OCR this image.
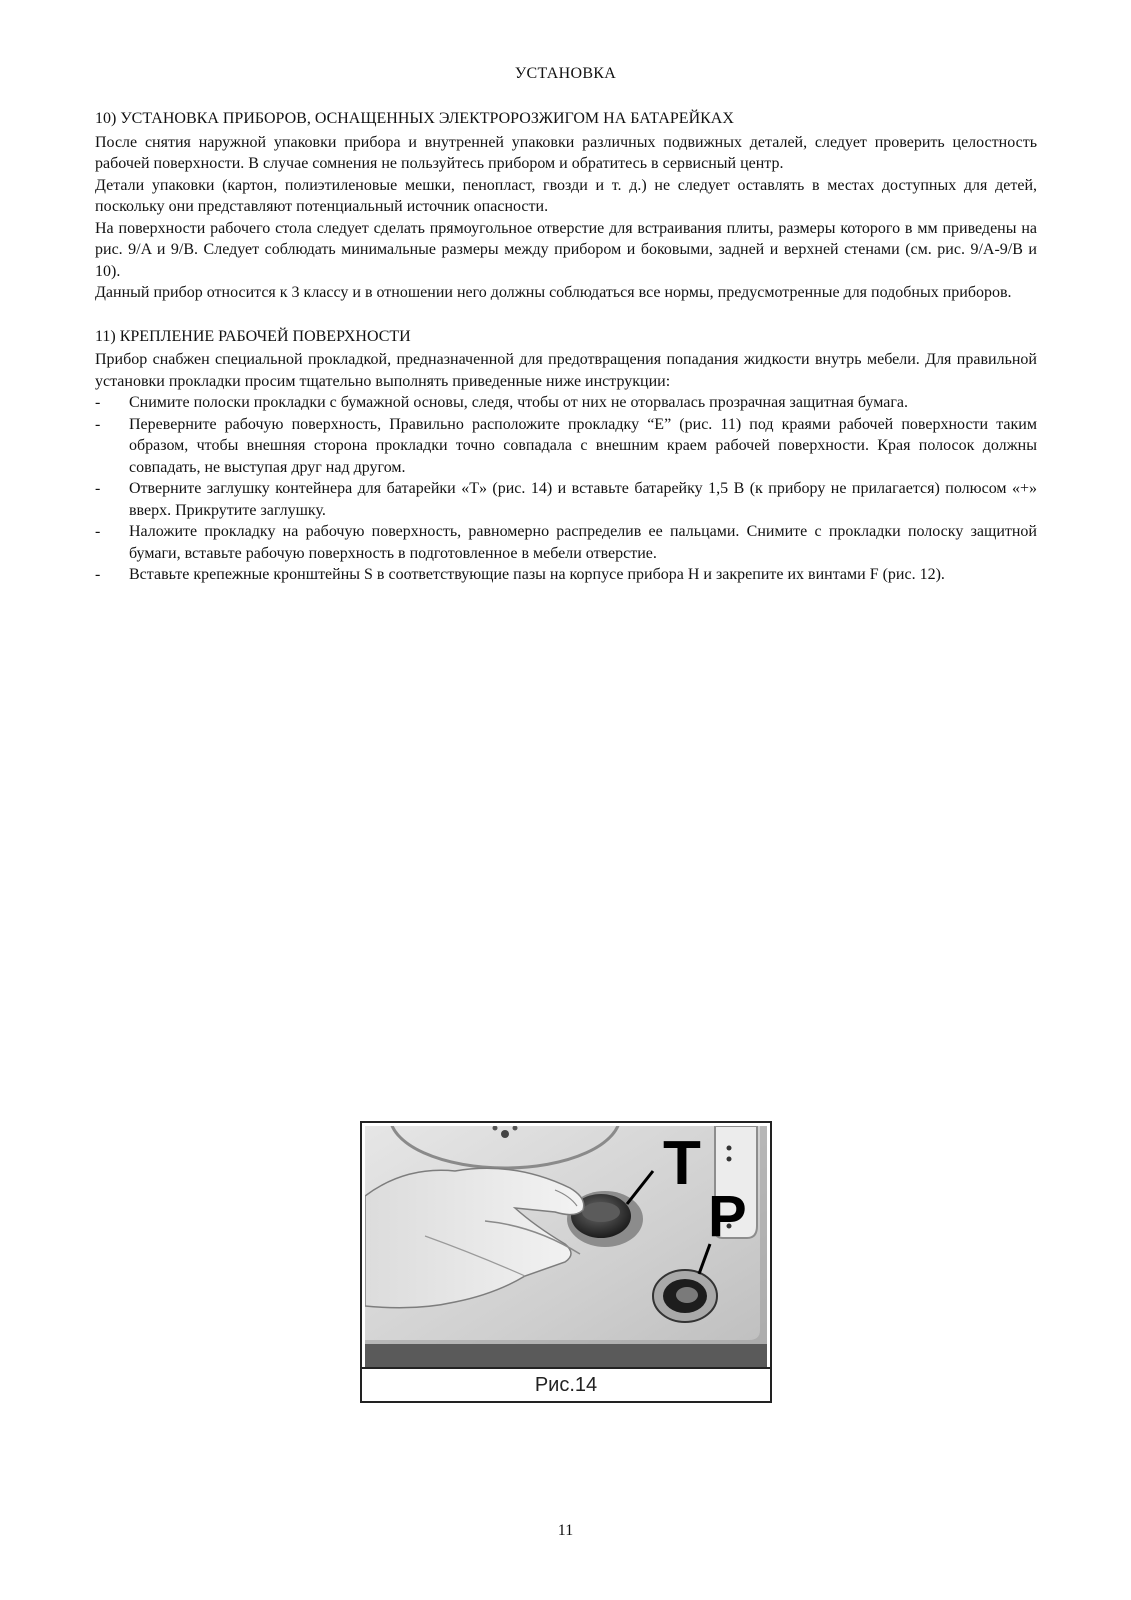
УСТАНОВКА

10) УСТАНОВКА ПРИБОРОВ, ОСНАЩЕННЫХ ЭЛЕКТРОРОЗЖИГОМ НА БАТАРЕЙКАХ

После снятия наружной упаковки прибора и внутренней упаковки различных подвижных деталей, следует проверить целостность рабочей поверхности. В случае сомнения не пользуйтесь прибором и обратитесь в сервисный центр.

Детали упаковки (картон, полиэтиленовые мешки, пенопласт, гвозди и т. д.) не следует оставлять в местах доступных для детей, поскольку они представляют потенциальный источник опасности.

На поверхности рабочего стола следует сделать прямоугольное отверстие для встраивания плиты, размеры которого в мм приведены на рис. 9/A и 9/B. Следует соблюдать минимальные размеры между прибором и боковыми, задней и верхней стенами (см. рис. 9/A-9/B и 10).

Данный прибор относится к 3 классу и в отношении него должны соблюдаться все нормы, предусмотренные для подобных приборов.

11) КРЕПЛЕНИЕ РАБОЧЕЙ ПОВЕРХНОСТИ

Прибор снабжен специальной прокладкой, предназначенной для предотвращения попадания жидкости внутрь мебели. Для правильной установки прокладки просим тщательно выполнять приведенные ниже инструкции:

- Снимите полоски прокладки с бумажной основы, следя, чтобы от них не оторвалась прозрачная защитная бумага.
- Переверните рабочую поверхность, Правильно расположите прокладку “E” (рис. 11) под краями рабочей поверхности таким образом, чтобы внешняя сторона прокладки точно совпадала с внешним краем рабочей поверхности. Края полосок должны совпадать, не выступая друг над другом.
- Отверните заглушку контейнера для батарейки «T» (рис. 14) и вставьте батарейку 1,5 В (к прибору не прилагается) полюсом «+» вверх. Прикрутите заглушку.
- Наложите прокладку на рабочую поверхность, равномерно распределив ее пальцами. Снимите с прокладки полоску защитной бумаги, вставьте рабочую поверхность в подготовленное в мебели отверстие.
- Вставьте крепежные кронштейны S в соответствующие пазы на корпусе прибора H и закрепите их винтами F (рис. 12).
T
P
Рис.14
11
